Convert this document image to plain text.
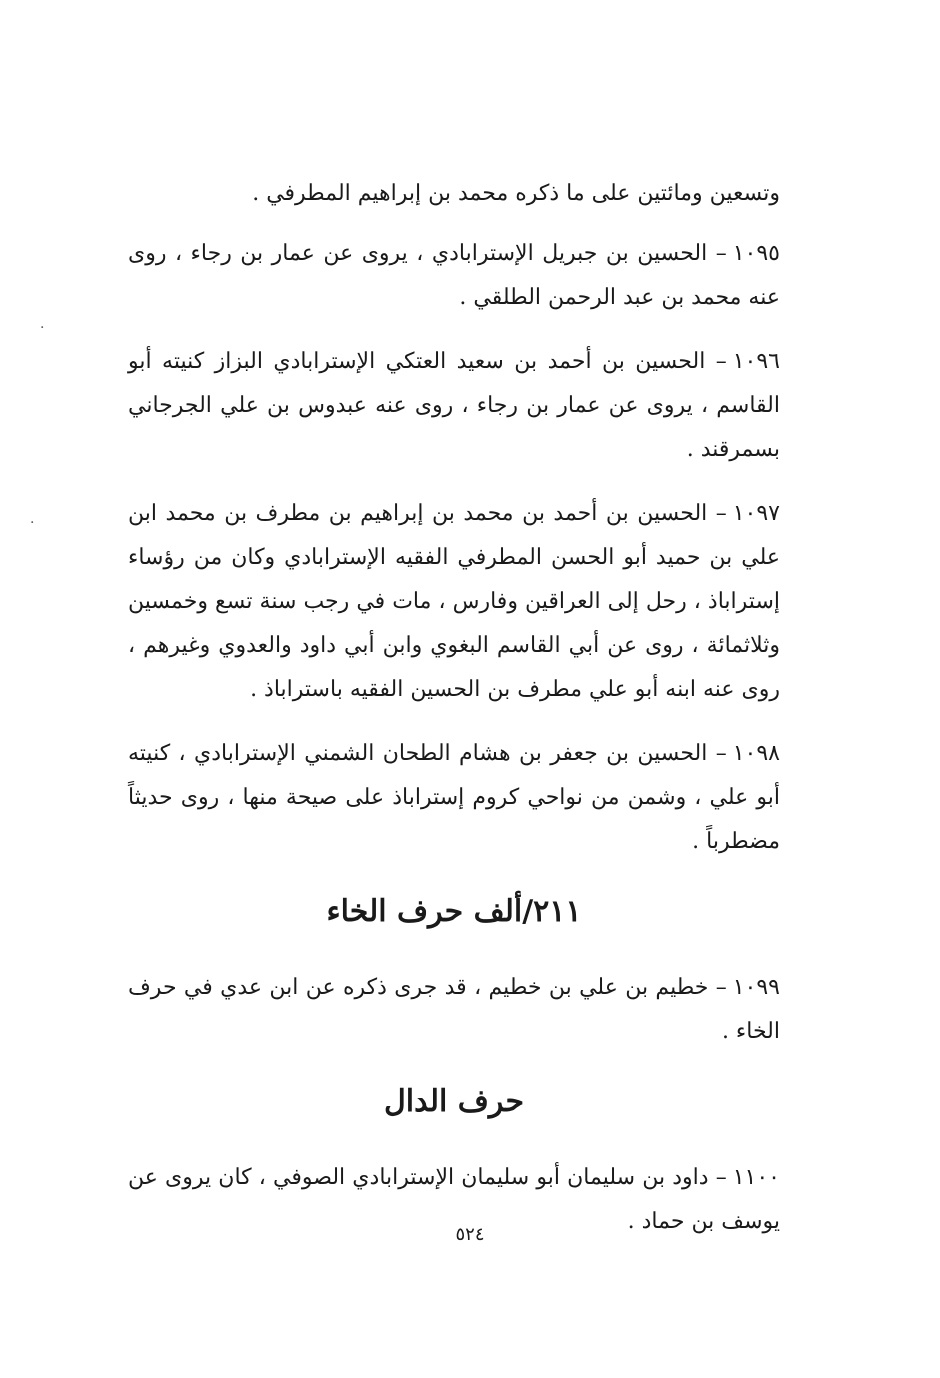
وتسعين ومائتين على ما ذكره محمد بن إبراهيم المطرفي .

١٠٩٥– الحسين بن جبريل الإسترابادي ، يروى عن عمار بن رجاء ، روى عنه محمد بن عبد الرحمن الطلقي .

١٠٩٦– الحسين بن أحمد بن سعيد العتكي الإسترابادي البزاز كنيته أبو القاسم ، يروى عن عمار بن رجاء ، روى عنه عبدوس بن علي الجرجاني بسمرقند .

١٠٩٧– الحسين بن أحمد بن محمد بن إبراهيم بن مطرف بن محمد ابن علي بن حميد أبو الحسن المطرفي الفقيه الإسترابادي وكان من رؤساء إستراباذ ، رحل إلى العراقين وفارس ، مات في رجب سنة تسع وخمسين وثلاثمائة ، روى عن أبي القاسم البغوي وابن أبي داود والعدوي وغيرهم ، روى عنه ابنه أبو علي مطرف بن الحسين الفقيه باستراباذ .

١٠٩٨– الحسين بن جعفر بن هشام الطحان الشمني الإسترابادي ، كنيته أبو علي ، وشمن من نواحي كروم إستراباذ على صيحة منها ، روى حديثاً مضطرباً .

٢١١/ألف حرف الخاء

١٠٩٩– خطيم بن علي بن خطيم ، قد جرى ذكره عن ابن عدي في حرف الخاء .

حرف الدال

١١٠٠– داود بن سليمان أبو سليمان الإسترابادي الصوفي ، كان يروى عن يوسف بن حماد .

٥٢٤
·
·
